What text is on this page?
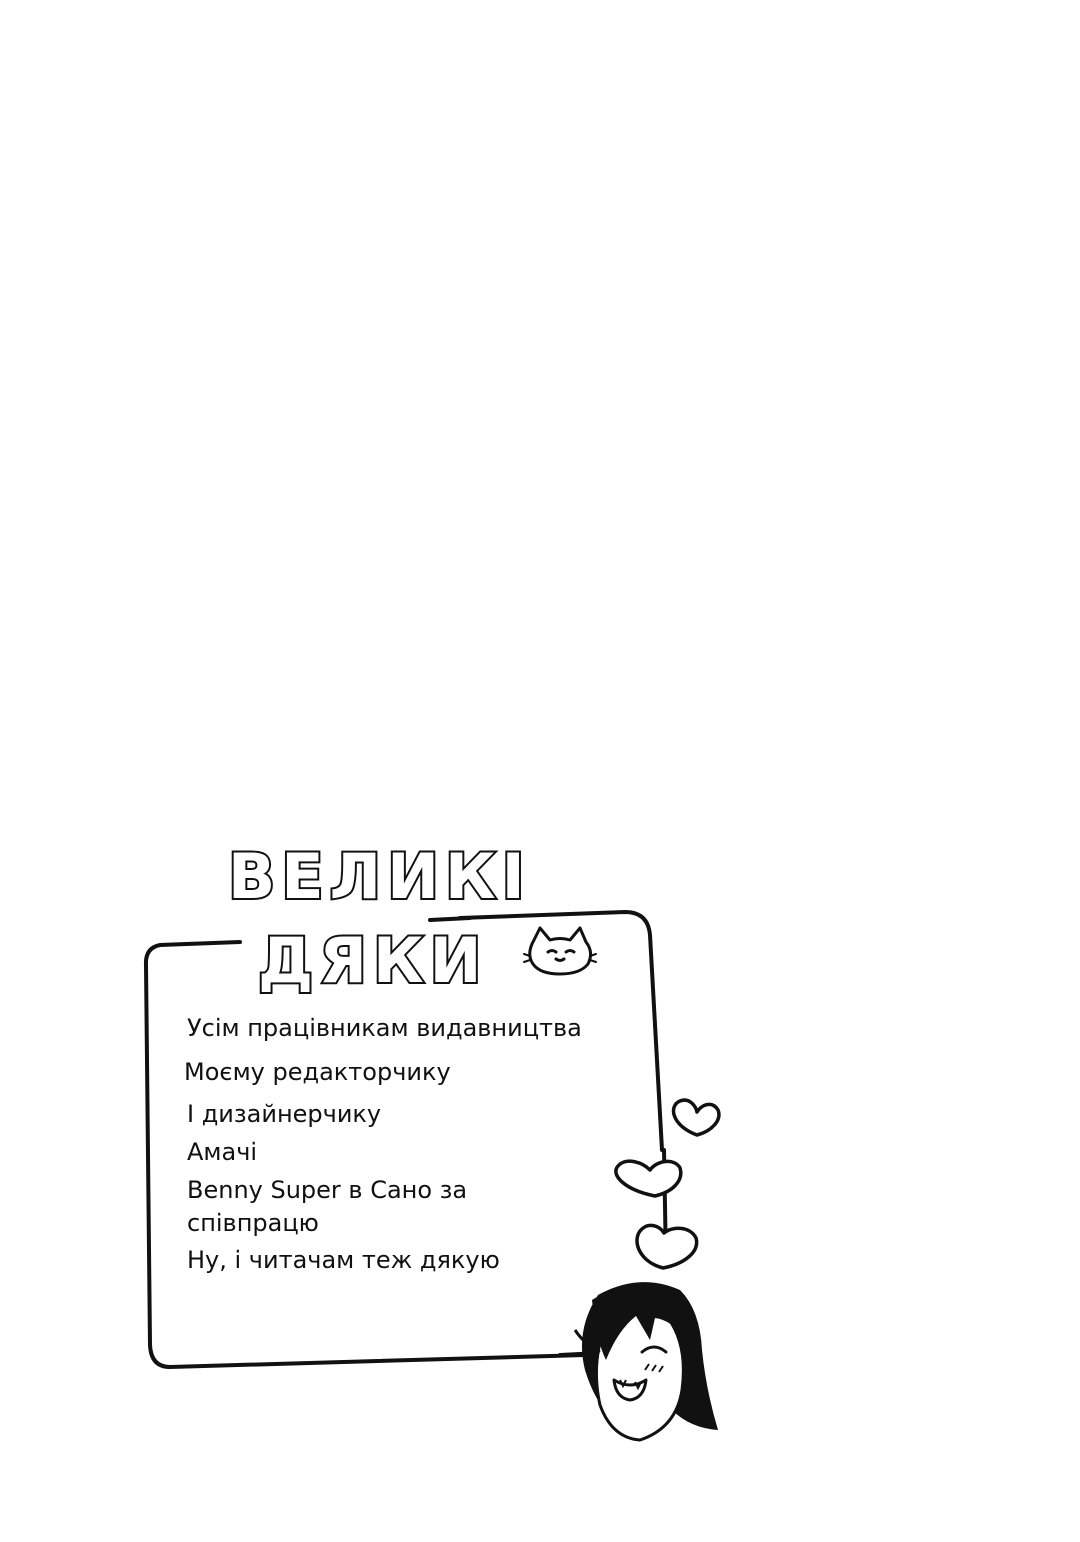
ВЕЛИКІ
ДЯКИ
Усім працівникам видавництва
Моєму редакторчику
І дизайнерчику
Амачі
Benny Super в Сано за
співпрацю
Ну, і читачам теж дякую
